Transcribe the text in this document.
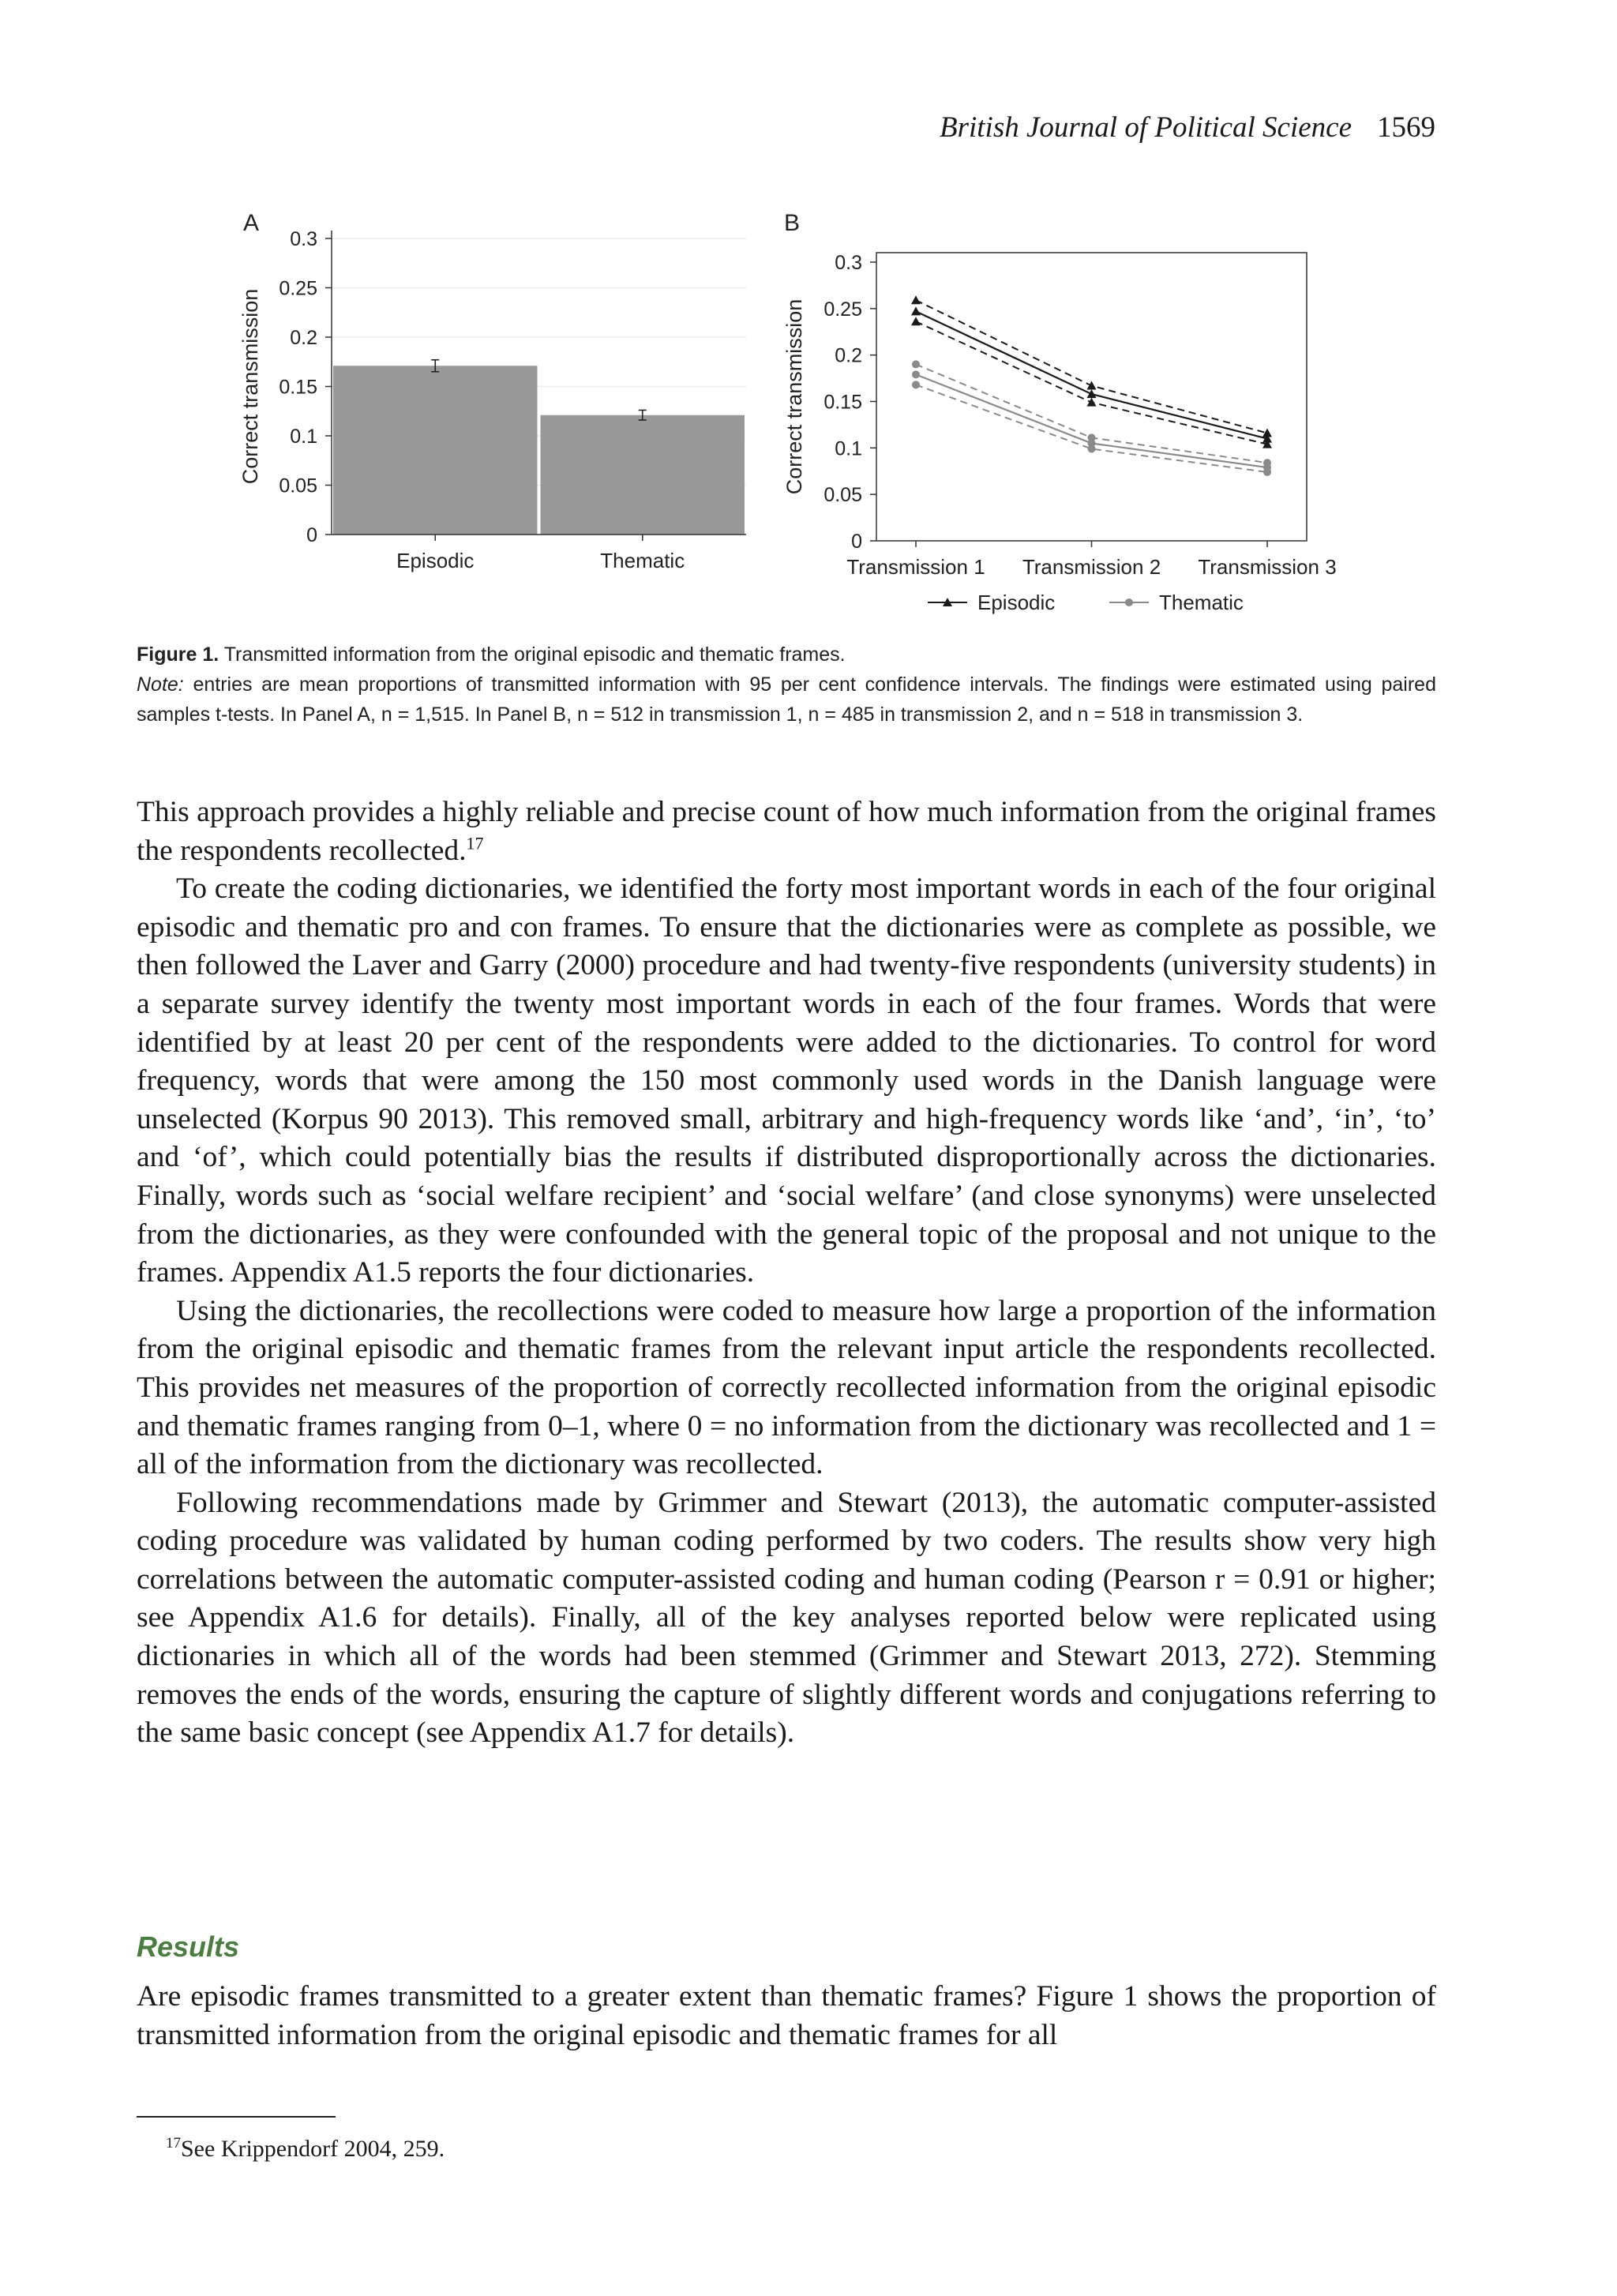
British Journal of Political Science 1569
A
0
0.05
0.1
0.15
0.2
0.25
0.3
Episodic	Thematic
Correct transmission
B
0
0.05
0.1
0.15
0.2
0.25
0.3
Transmission 1 Transmission 2 Transmission 3
Correct transmission
Episodic	Thematic
Figure 1. Transmitted information from the original episodic and thematic frames.
Note: entries are mean proportions of transmitted information with 95 per cent confidence intervals. The findings were estimated using paired samples t-tests. In Panel A, n = 1,515. In Panel B, n = 512 in transmission 1, n = 485 in transmission 2, and n = 518 in transmission 3.

This approach provides a highly reliable and precise count of how much information from the original frames the respondents recollected.$^{17}$

To create the coding dictionaries, we identified the forty most important words in each of the four original episodic and thematic pro and con frames. To ensure that the dictionaries were as complete as possible, we then followed the Laver and Garry (2000) procedure and had twenty-five respondents (university students) in a separate survey identify the twenty most important words in each of the four frames. Words that were identified by at least 20 per cent of the respondents were added to the dictionaries. To control for word frequency, words that were among the 150 most commonly used words in the Danish language were unselected (Korpus 90 2013). This removed small, arbitrary and high-frequency words like ‘and’, ‘in’, ‘to’ and ‘of’, which could potentially bias the results if distributed disproportionally across the dictionaries. Finally, words such as ‘social welfare recipient’ and ‘social welfare’ (and close synonyms) were unselected from the dictionaries, as they were confounded with the general topic of the proposal and not unique to the frames. Appendix A1.5 reports the four dictionaries.

Using the dictionaries, the recollections were coded to measure how large a proportion of the information from the original episodic and thematic frames from the relevant input article the respondents recollected. This provides net measures of the proportion of correctly recollected information from the original episodic and thematic frames ranging from 0–1, where 0 = no information from the dictionary was recollected and 1 = all of the information from the dictionary was recollected.

Following recommendations made by Grimmer and Stewart (2013), the automatic computer-assisted coding procedure was validated by human coding performed by two coders. The results show very high correlations between the automatic computer-assisted coding and human coding (Pearson r = 0.91 or higher; see Appendix A1.6 for details). Finally, all of the key analyses reported below were replicated using dictionaries in which all of the words had been stemmed (Grimmer and Stewart 2013, 272). Stemming removes the ends of the words, ensuring the capture of slightly different words and conjugations referring to the same basic concept (see Appendix A1.7 for details).

Results
Are episodic frames transmitted to a greater extent than thematic frames? Figure 1 shows the proportion of transmitted information from the original episodic and thematic frames for all
$^{17}$See Krippendorf 2004, 259.
